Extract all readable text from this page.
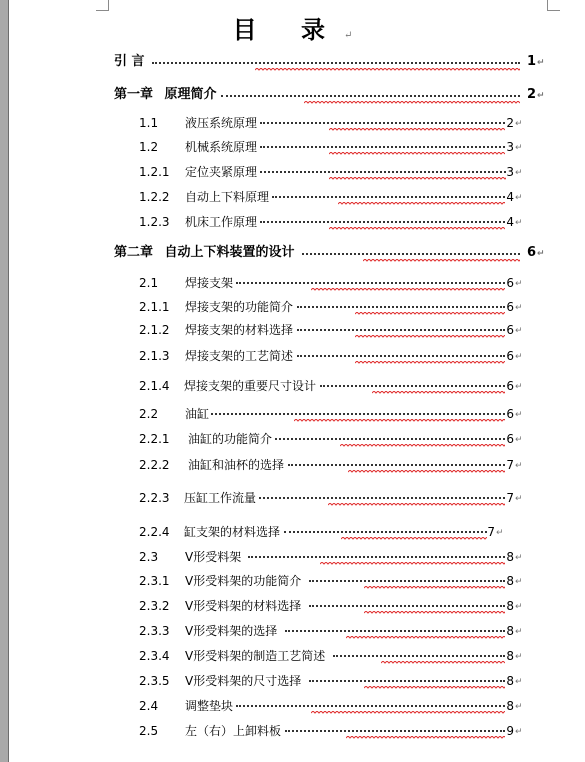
目 录↵
引 言	1 ↵
第一章 原理简介	2 ↵
1.1 液压系统原理	2 ↵
1.2 机械系统原理	3 ↵
1.2.1 定位夹紧原理	3 ↵
1.2.2 自动上下料原理	4 ↵
1.2.3 机床工作原理	4 ↵
第二章 自动上下料装置的设计	6 ↵
2.1 焊接支架	6 ↵
2.1.1 焊接支架的功能简介	6 ↵
2.1.2 焊接支架的材料选择	6 ↵
2.1.3 焊接支架的工艺简述	6 ↵
2.1.4 焊接支架的重要尺寸设计	6 ↵
2.2 油缸	6 ↵
2.2.1 油缸的功能简介	6 ↵
2.2.2 油缸和油杯的选择	7 ↵
2.2.3 压缸工作流量	7 ↵
2.2.4 缸支架的材料选择	7 ↵
2.3 V形受料架	8 ↵
2.3.1 V形受料架的功能简介	8 ↵
2.3.2 V形受料架的材料选择	8 ↵
2.3.3 V形受料架的选择	8 ↵
2.3.4 V形受料架的制造工艺简述	8 ↵
2.3.5 V形受料架的尺寸选择	8 ↵
2.4 调整垫块	8 ↵
2.5 左（右）上卸料板	9 ↵
